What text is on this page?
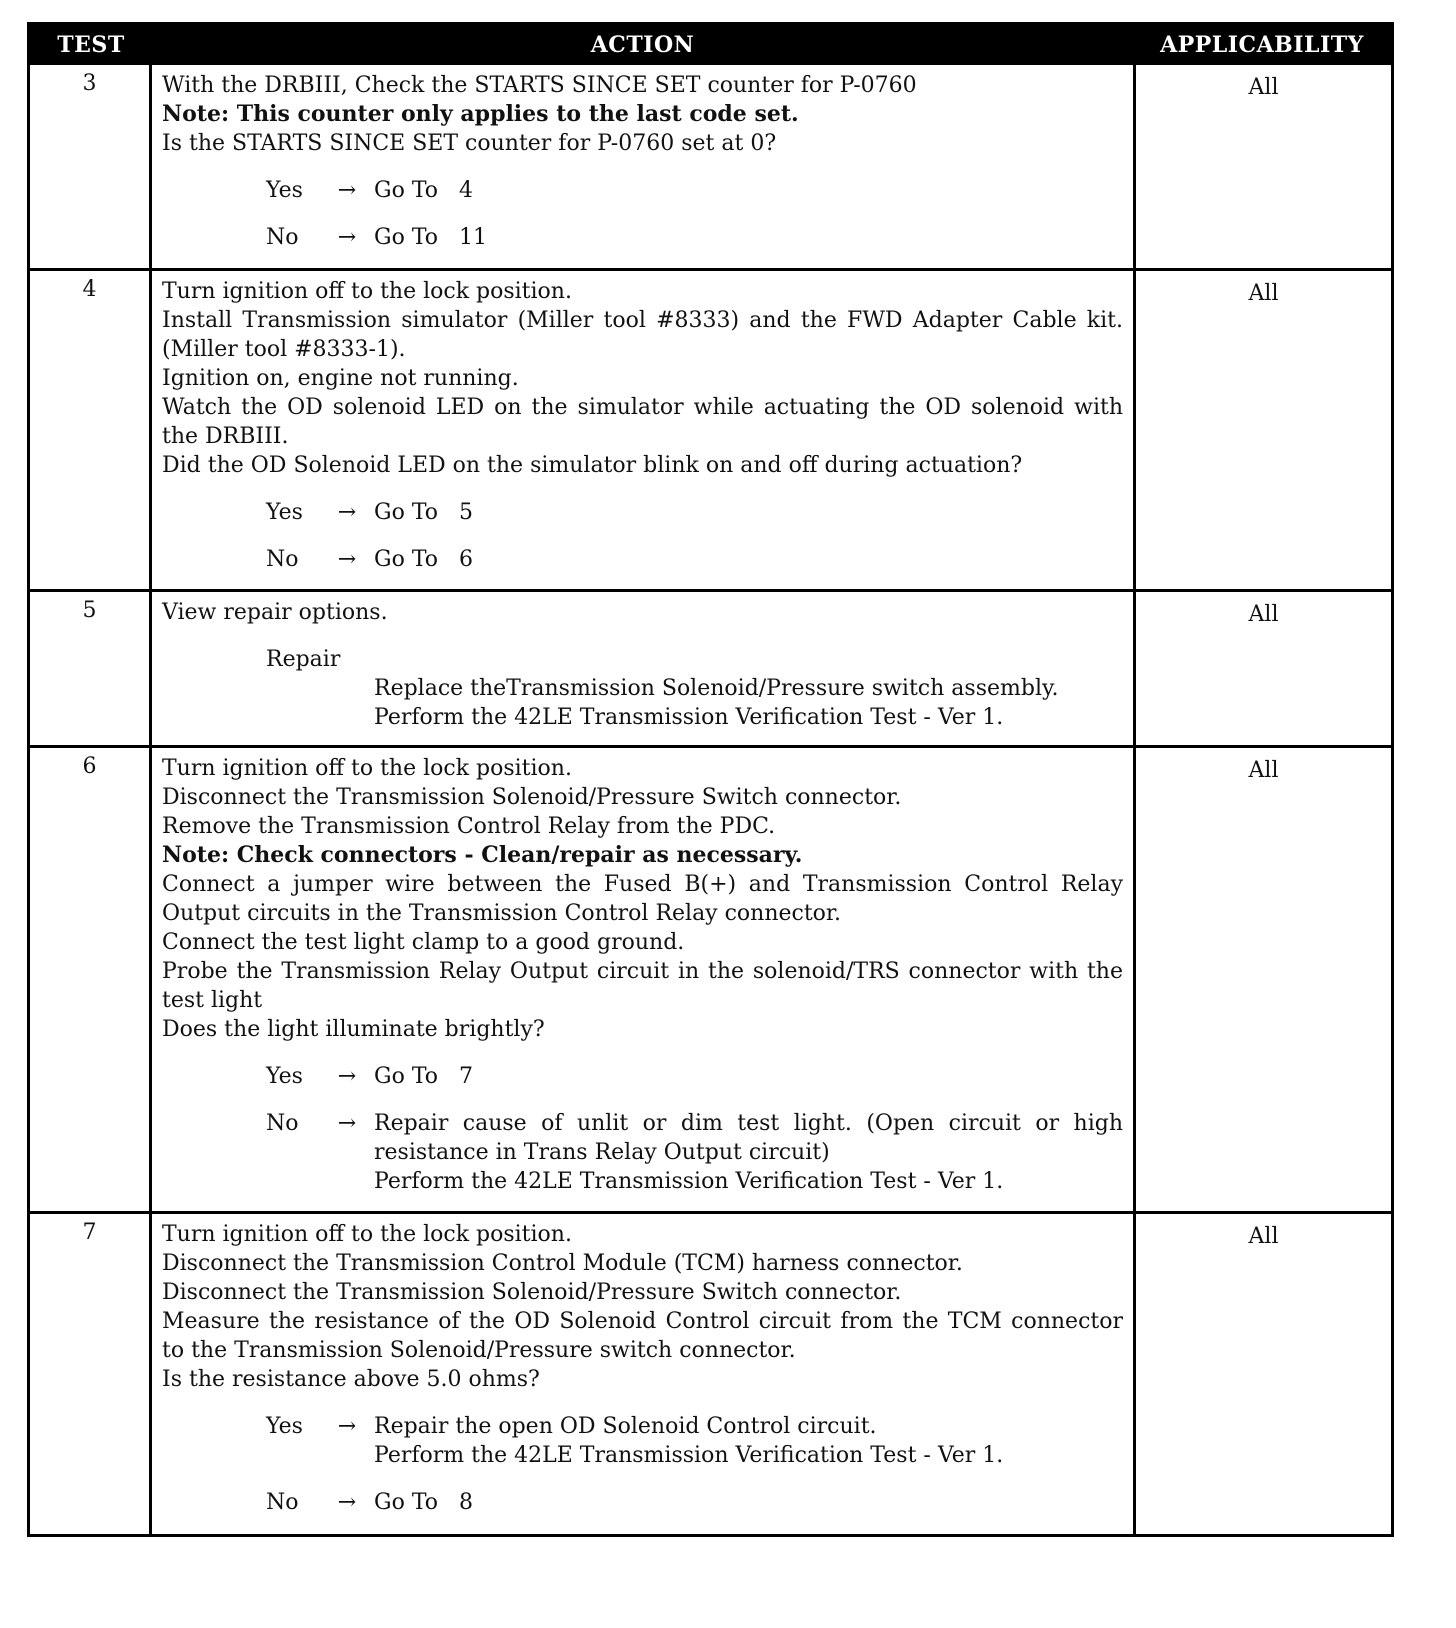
TEST	ACTION	APPLICABILITY
3	With the DRBIII, Check the STARTS SINCE SET counter for P-0760
Note: This counter only applies to the last code set.
Is the STARTS SINCE SET counter for P-0760 set at 0?
Yes	→ Go To   4
No	→ Go To   11
All
4	Turn ignition off to the lock position.
Install Transmission simulator (Miller tool #8333) and the FWD Adapter Cable kit.(Miller tool #8333-1).
Ignition on, engine not running.
Watch the OD solenoid LED on the simulator while actuating the OD solenoid with the DRBIII.
Did the OD Solenoid LED on the simulator blink on and off during actuation?
Yes	→ Go To   5
No	→ Go To   6
All
5	View repair options.
Repair
Replace theTransmission Solenoid/Pressure switch assembly.
Perform the 42LE Transmission Verification Test - Ver 1.
All
6	Turn ignition off to the lock position.
Disconnect the Transmission Solenoid/Pressure Switch connector.
Remove the Transmission Control Relay from the PDC.
Note: Check connectors - Clean/repair as necessary.
Connect a jumper wire between the Fused B(+) and Transmission Control Relay Output circuits in the Transmission Control Relay connector.
Connect the test light clamp to a good ground.
Probe the Transmission Relay Output circuit in the solenoid/TRS connector with the test light
Does the light illuminate brightly?
Yes	→ Go To   7
No	→ Repair cause of unlit or dim test light. (Open circuit or high resistance in Trans Relay Output circuit)
Perform the 42LE Transmission Verification Test - Ver 1.
All
7	Turn ignition off to the lock position.
Disconnect the Transmission Control Module (TCM) harness connector.
Disconnect the Transmission Solenoid/Pressure Switch connector.
Measure the resistance of the OD Solenoid Control circuit from the TCM connector to the Transmission Solenoid/Pressure switch connector.
Is the resistance above 5.0 ohms?
Yes	→ Repair the open OD Solenoid Control circuit.
Perform the 42LE Transmission Verification Test - Ver 1.
No	→ Go To   8
All
